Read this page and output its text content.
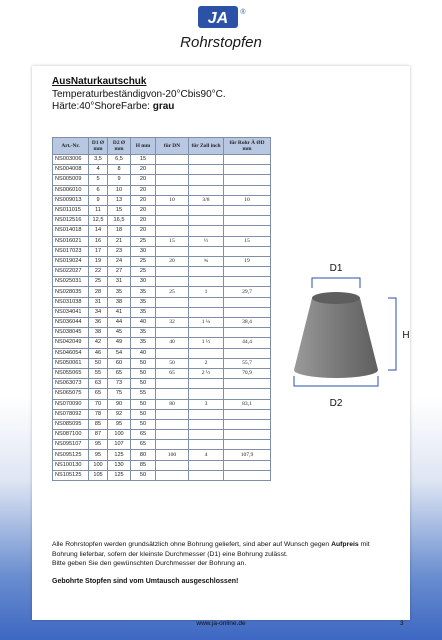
JA ®
Rohrstopfen
AusNaturkautschuk
Temperaturbeständigvon-20°Cbis90°C.
Härte:40°ShoreFarbe: grau
Art.-Nr.	D1 Ø mm	D2 Ø mm	H mm	für DN	für Zoll inch	für Rohr Ä ØD mm
NS003006	3,5	6,5	15			
NS004008	4	8	20			
NS005009	5	9	20			
NS006010	6	10	20			
NS009013	9	13	20	10	3/8	10
NS011015	11	15	20			
NS012516	12,5	16,5	20			
NS014018	14	18	20			
NS016021	16	21	25	15	½	15
NS017023	17	23	30			
NS019024	19	24	25	20	¾	19
NS022027	22	27	25			
NS025031	25	31	30			
NS028035	28	35	35	25	1	29,7
NS031038	31	38	35			
NS034041	34	41	35			
NS036044	36	44	40	32	1 ¼	38,4
NS038045	38	45	35			
NS042049	42	49	35	40	1 ½	44,4
NS046054	46	54	40			
NS050061	50	60	50	50	2	55,7
NS055065	55	65	50	65	2 ½	70,9
NS063073	63	73	50			
NS065075	65	75	55			
NS070090	70	90	50	80	3	83,1
NS078092	78	92	50			
NS085095	85	95	50			
NS087100	87	100	65			
NS095107	95	107	65			
NS095125	95	125	80	100	4	107,9
NS100130	100	130	85			
NS105125	105	125	50			
D1
D2
H
Alle Rohrstopfen werden grundsätzlich ohne Bohrung geliefert, sind aber auf Wunsch gegen Aufpreis mit
Bohrung lieferbar, sofern der kleinste Durchmesser (D1) eine Bohrung zulässt.
Bitte geben Sie den gewünschten Durchmesser der Bohrung an.
Gebohrte Stopfen sind vom Umtausch ausgeschlossen!
www.ja-online.de	3
